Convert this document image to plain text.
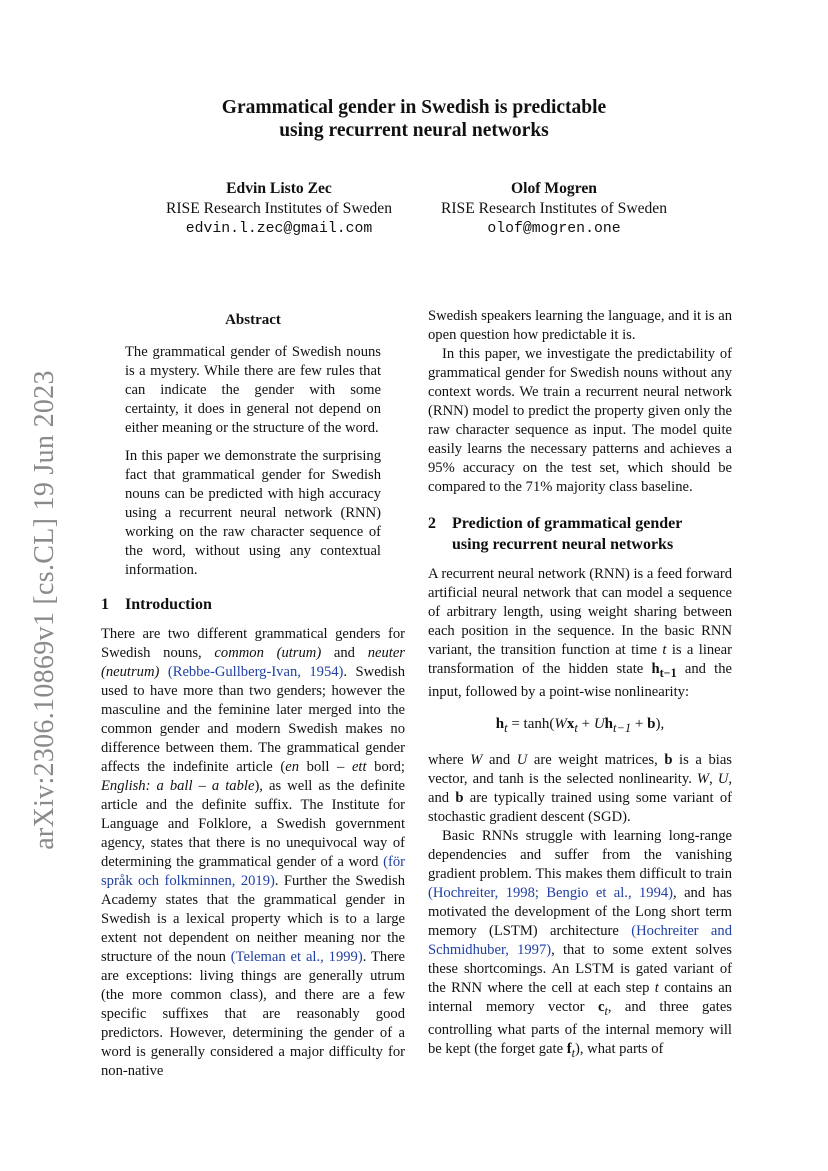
arXiv:2306.10869v1 [cs.CL] 19 Jun 2023
Grammatical gender in Swedish is predictable
using recurrent neural networks
Edvin Listo Zec
RISE Research Institutes of Sweden
edvin.l.zec@gmail.com
Olof Mogren
RISE Research Institutes of Sweden
olof@mogren.one
Abstract

The grammatical gender of Swedish nouns is a mystery. While there are few rules that can indicate the gender with some certainty, it does in general not depend on either meaning or the structure of the word.

In this paper we demonstrate the surprising fact that grammatical gender for Swedish nouns can be predicted with high accuracy using a recurrent neural network (RNN) working on the raw character sequence of the word, without using any contextual information.

1	Introduction

There are two different grammatical genders for Swedish nouns, common (utrum) and neuter (neutrum) (Rebbe-Gullberg-Ivan, 1954). Swedish used to have more than two genders; however the masculine and the feminine later merged into the common gender and modern Swedish makes no difference between them. The grammatical gender affects the indefinite article (en boll – ett bord; English: a ball – a table), as well as the definite article and the definite suffix. The Institute for Language and Folklore, a Swedish government agency, states that there is no unequivocal way of determining the grammatical gender of a word (för språk och folkminnen, 2019). Further the Swedish Academy states that the grammatical gender in Swedish is a lexical property which is to a large extent not dependent on neither meaning nor the structure of the noun (Teleman et al., 1999). There are exceptions: living things are generally utrum (the more common class), and there are a few specific suffixes that are reasonably good predictors. However, determining the gender of a word is generally considered a major difficulty for non-native

Swedish speakers learning the language, and it is an open question how predictable it is.

In this paper, we investigate the predictability of grammatical gender for Swedish nouns without any context words. We train a recurrent neural network (RNN) model to predict the property given only the raw character sequence as input. The model quite easily learns the necessary patterns and achieves a 95% accuracy on the test set, which should be compared to the 71% majority class baseline.

2	Prediction of grammatical gender
using recurrent neural networks

A recurrent neural network (RNN) is a feed forward artificial neural network that can model a sequence of arbitrary length, using weight sharing between each position in the sequence. In the basic RNN variant, the transition function at time t is a linear transformation of the hidden state $h_{t-1}$ and the input, followed by a point-wise nonlinearity:

$h_t = \tanh(Wx_t + Uh_{t-1} + b)$,

where W and U are weight matrices, b is a bias vector, and tanh is the selected nonlinearity. W, U, and b are typically trained using some variant of stochastic gradient descent (SGD).

Basic RNNs struggle with learning long-range dependencies and suffer from the vanishing gradient problem. This makes them difficult to train (Hochreiter, 1998; Bengio et al., 1994), and has motivated the development of the Long short term memory (LSTM) architecture (Hochreiter and Schmidhuber, 1997), that to some extent solves these shortcomings. An LSTM is gated variant of the RNN where the cell at each step t contains an internal memory vector $c_t$, and three gates controlling what parts of the internal memory will be kept (the forget gate $f_t$), what parts of
